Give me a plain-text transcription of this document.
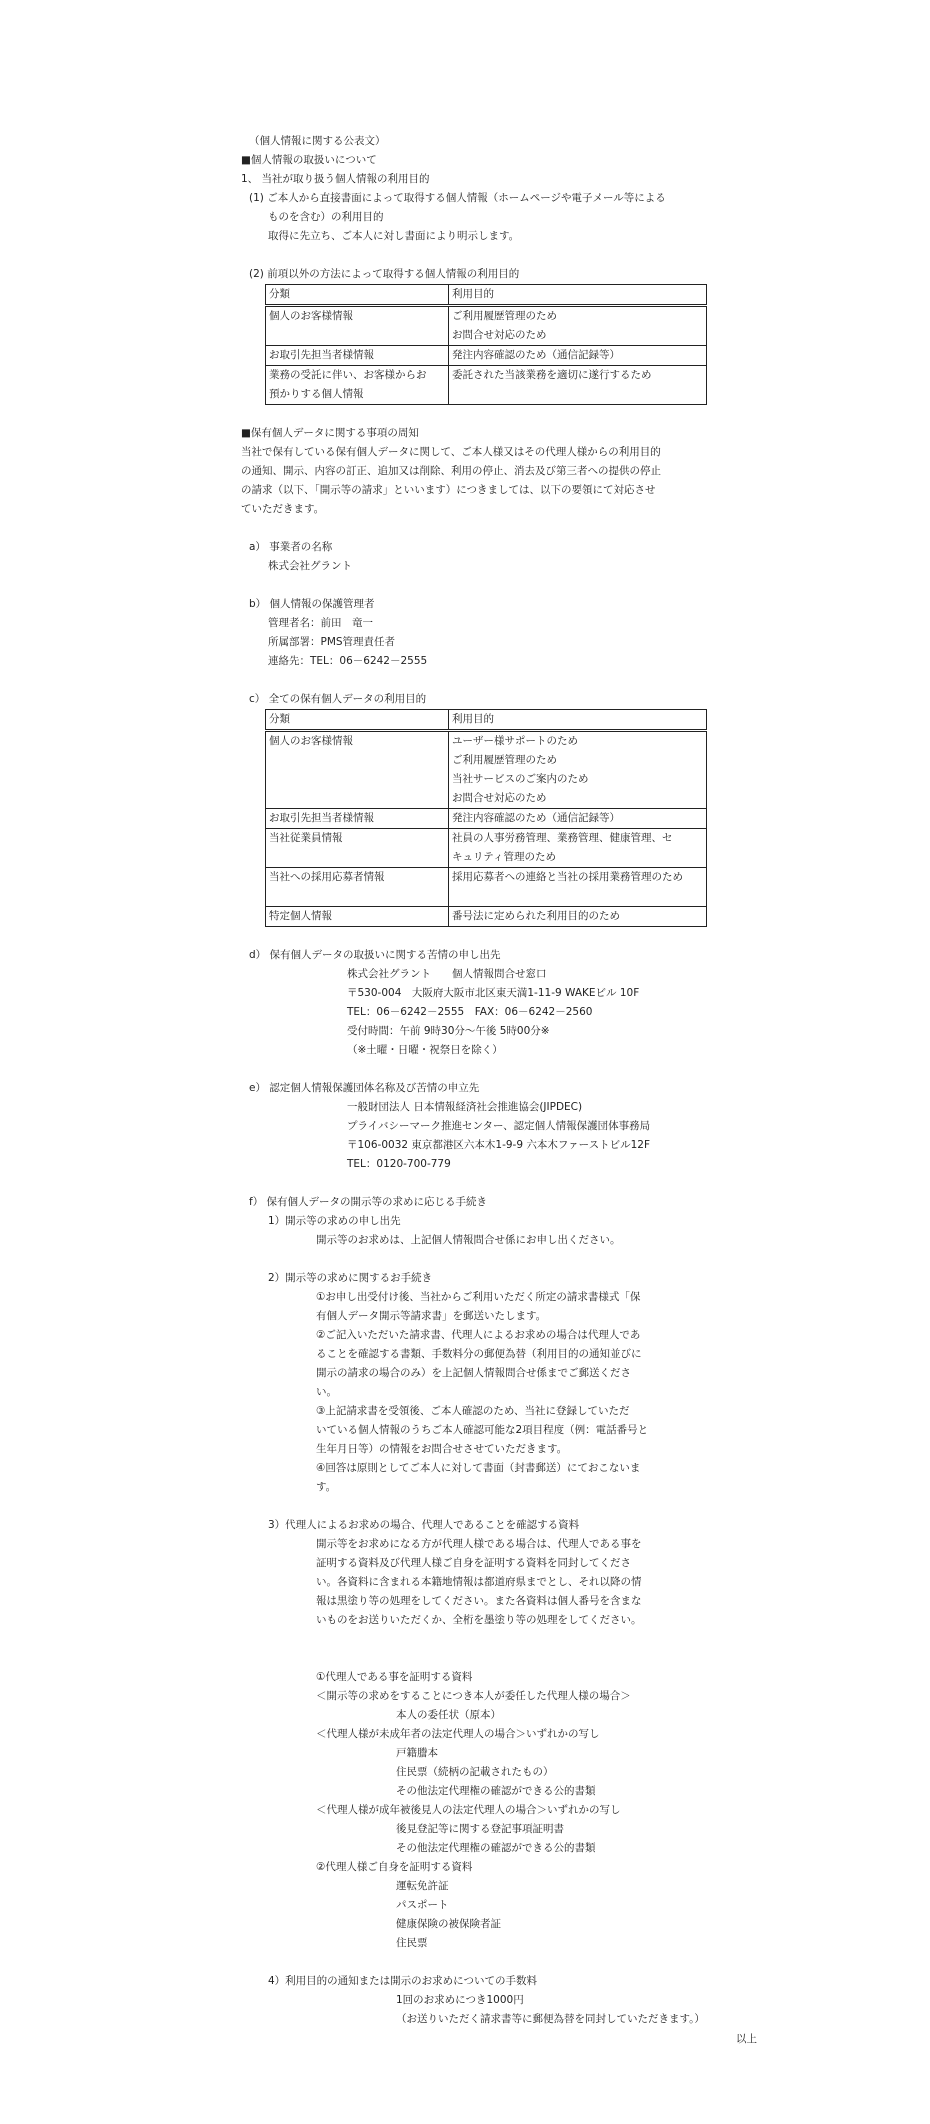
（個人情報に関する公表文）
■個人情報の取扱いについて
1、 当社が取り扱う個人情報の利用目的
(1) ご本人から直接書面によって取得する個人情報（ホームページや電子メール等による
ものを含む）の利用目的
取得に先立ち、ご本人に対し書面により明示します。
(2) 前項以外の方法によって取得する個人情報の利用目的
分類	利用目的
個人のお客様情報	ご利用履歴管理のため
お問合せ対応のため

お取引先担当者様情報	発注内容確認のため（通信記録等）

業務の受託に伴い、お客様からお
預かりする個人情報	委託された当該業務を適切に遂行するため
■保有個人データに関する事項の周知
当社で保有している保有個人データに関して、ご本人様又はその代理人様からの利用目的
の通知、開示、内容の訂正、追加又は削除、利用の停止、消去及び第三者への提供の停止
の請求（以下、「開示等の請求」といいます）につきましては、以下の要領にて対応させ
ていただきます。
a） 事業者の名称
株式会社グラント
b） 個人情報の保護管理者
管理者名：前田　竜一
所属部署：PMS管理責任者
連絡先：TEL：06－6242－2555
c） 全ての保有個人データの利用目的
分類	利用目的
個人のお客様情報	ユーザー様サポートのため
ご利用履歴管理のため
当社サービスのご案内のため
お問合せ対応のため

お取引先担当者様情報	発注内容確認のため（通信記録等）
当社従業員情報	社員の人事労務管理、業務管理、健康管理、セ
キュリティ管理のため

当社への採用応募者情報	採用応募者への連絡と当社の採用業務管理のため

特定個人情報	番号法に定められた利用目的のため
d） 保有個人データの取扱いに関する苦情の申し出先
株式会社グラント　　個人情報問合せ窓口
〒530-004　大阪府大阪市北区東天満1-11-9 WAKEビル 10F
TEL：06－6242－2555　FAX：06－6242－2560
受付時間：午前 9時30分～午後 5時00分※
（※土曜・日曜・祝祭日を除く）
e） 認定個人情報保護団体名称及び苦情の申立先
一般財団法人 日本情報経済社会推進協会(JIPDEC)
プライバシーマーク推進センター、認定個人情報保護団体事務局
〒106-0032 東京都港区六本木1-9-9 六本木ファーストビル12F
TEL：0120-700-779
f） 保有個人データの開示等の求めに応じる手続き
1）開示等の求めの申し出先
開示等のお求めは、上記個人情報問合せ係にお申し出ください。
2）開示等の求めに関するお手続き
①お申し出受付け後、当社からご利用いただく所定の請求書様式「保
有個人データ開示等請求書」を郵送いたします。
②ご記入いただいた請求書、代理人によるお求めの場合は代理人であ
ることを確認する書類、手数料分の郵便為替（利用目的の通知並びに
開示の請求の場合のみ）を上記個人情報問合せ係までご郵送くださ
い。
③上記請求書を受領後、ご本人確認のため、当社に登録していただ
いている個人情報のうちご本人確認可能な2項目程度（例：電話番号と
生年月日等）の情報をお問合せさせていただきます。
④回答は原則としてご本人に対して書面（封書郵送）にておこないま
す。
3）代理人によるお求めの場合、代理人であることを確認する資料
開示等をお求めになる方が代理人様である場合は、代理人である事を
証明する資料及び代理人様ご自身を証明する資料を同封してくださ
い。各資料に含まれる本籍地情報は都道府県までとし、それ以降の情
報は黒塗り等の処理をしてください。また各資料は個人番号を含まな
いものをお送りいただくか、全桁を墨塗り等の処理をしてください。
①代理人である事を証明する資料
＜開示等の求めをすることにつき本人が委任した代理人様の場合＞
本人の委任状（原本）
＜代理人様が未成年者の法定代理人の場合＞いずれかの写し
戸籍謄本
住民票（続柄の記載されたもの）
その他法定代理権の確認ができる公的書類
＜代理人様が成年被後見人の法定代理人の場合＞いずれかの写し
後見登記等に関する登記事項証明書
その他法定代理権の確認ができる公的書類
②代理人様ご自身を証明する資料
運転免許証
パスポート
健康保険の被保険者証
住民票
4）利用目的の通知または開示のお求めについての手数料
1回のお求めにつき1000円
（お送りいただく請求書等に郵便為替を同封していただきます。）
以上
